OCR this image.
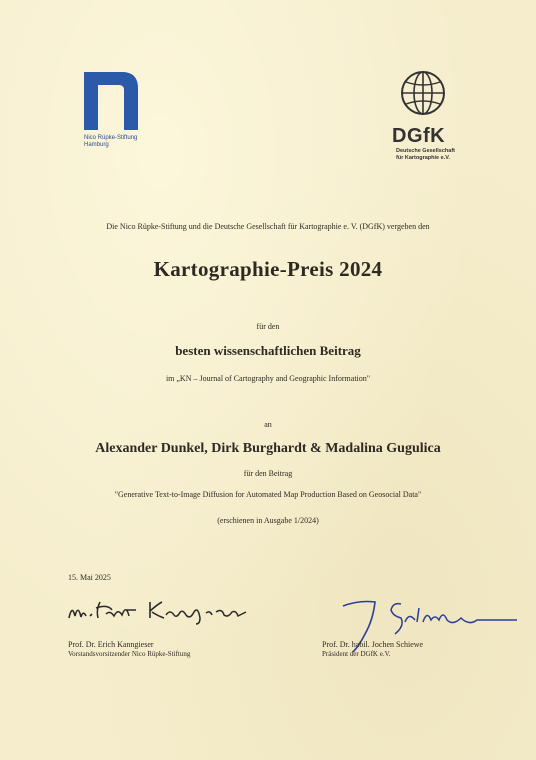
Nico Rüpke-Stiftung
Hamburg	DGfK
Deutsche Gesellschaft
für Kartographie e.V.
Die Nico Rüpke-Stiftung und die Deutsche Gesellschaft für Kartographie e. V. (DGfK) vergeben den
Kartographie-Preis 2024
für den
besten wissenschaftlichen Beitrag
im „KN – Journal of Cartography and Geographic Information"
an
Alexander Dunkel, Dirk Burghardt & Madalina Gugulica
für den Beitrag
"Generative Text-to-Image Diffusion for Automated Map Production Based on Geosocial Data"
(erschienen in Ausgabe 1/2024)
15. Mai 2025
Prof. Dr. Erich Kanngieser
Vorstandsvorsitzender Nico Rüpke-Stiftung
Prof. Dr. habil. Jochen Schiewe
Präsident der DGfK e.V.
